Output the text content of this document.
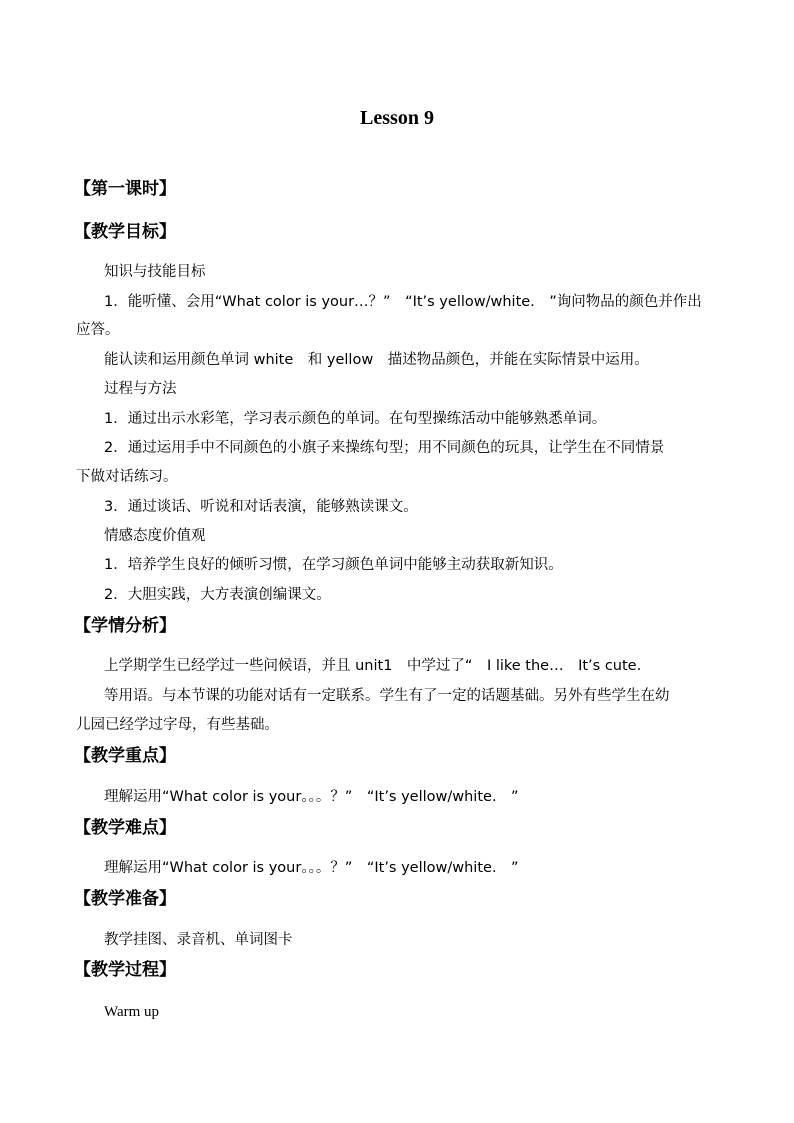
Lesson 9
【第一课时】
【教学目标】
知识与技能目标
1．能听懂、会用“What color is your…？”　“It’s yellow/white.　”询问物品的颜色并作出
应答。
能认读和运用颜色单词 white　和 yellow　描述物品颜色，并能在实际情景中运用。
过程与方法
1．通过出示水彩笔，学习表示颜色的单词。在句型操练活动中能够熟悉单词。
2．通过运用手中不同颜色的小旗子来操练句型；用不同颜色的玩具，让学生在不同情景
下做对话练习。
3．通过谈话、听说和对话表演，能够熟读课文。
情感态度价值观
1．培养学生良好的倾听习惯，在学习颜色单词中能够主动获取新知识。
2．大胆实践，大方表演创编课文。
【学情分析】
上学期学生已经学过一些问候语，并且 unit1　中学过了“　I like the…　It’s cute.
等用语。与本节课的功能对话有一定联系。学生有了一定的话题基础。另外有些学生在幼
儿园已经学过字母，有些基础。
【教学重点】
理解运用“What color is your。。。？”　“It’s yellow/white.　”
【教学难点】
理解运用“What color is your。。。？”　“It’s yellow/white.　”
【教学准备】
教学挂图、录音机、单词图卡
【教学过程】
Warm up
